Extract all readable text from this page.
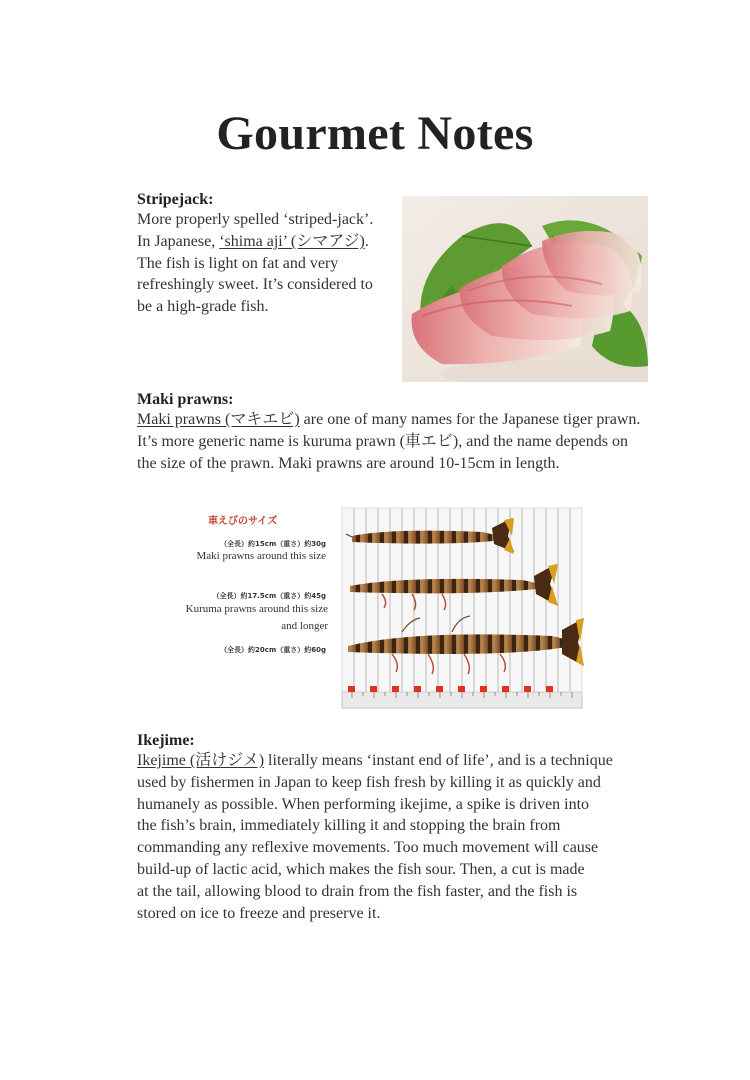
Gourmet Notes
Stripejack:
More properly spelled ‘striped-jack’.
In Japanese, ‘shima aji’ (シマアジ).
The fish is light on fat and very
refreshingly sweet. It’s considered to
be a high-grade fish.
Maki prawns:
Maki prawns (マキエビ) are one of many names for the Japanese tiger prawn.
It’s more generic name is kuruma prawn (車エビ), and the name depends on
the size of the prawn. Maki prawns are around 10-15cm in length.
車えびのサイズ
（全長）約15cm（重さ）約30g
Maki prawns around this size
（全長）約17.5cm（重さ）約45g
Kuruma prawns around this size
and longer
（全長）約20cm（重さ）約60g
Ikejime:
Ikejime (活けジメ) literally means ‘instant end of life’, and is a technique
used by fishermen in Japan to keep fish fresh by killing it as quickly and
humanely as possible. When performing ikejime, a spike is driven into
the fish’s brain, immediately killing it and stopping the brain from
commanding any reflexive movements. Too much movement will cause
build-up of lactic acid, which makes the fish sour. Then, a cut is made
at the tail, allowing blood to drain from the fish faster, and the fish is
stored on ice to freeze and preserve it.
